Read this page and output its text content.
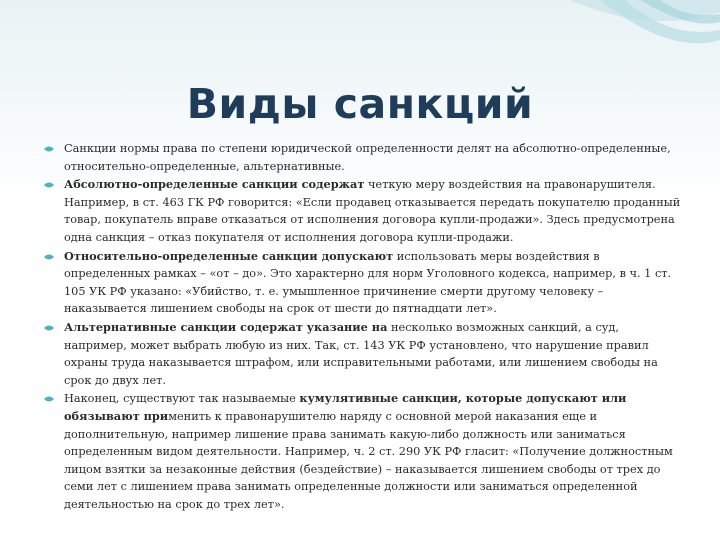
Виды санкций
Санкции нормы права по степени юридической определенности делят на абсолютно-определенные, относительно-определенные, альтернативные.
Абсолютно-определенные санкции содержат четкую меру воздействия на правонарушителя. Например, в ст. 463 ГК РФ говорится: «Если продавец отказывается передать покупателю проданный товар, покупатель вправе отказаться от исполнения договора купли-продажи». Здесь предусмотрена одна санкция – отказ покупателя от исполнения договора купли-продажи.
Относительно-определенные санкции допускают использовать меры воздействия в определенных рамках – «от – до». Это характерно для норм Уголовного кодекса, например, в ч. 1 ст. 105 УК РФ указано: «Убийство, т. е. умышленное причинение смерти другому человеку – наказывается лишением свободы на срок от шести до пятнадцати лет».
Альтернативные санкции содержат указание на несколько возможных санкций, а суд, например, может выбрать любую из них. Так, ст. 143 УК РФ установлено, что нарушение правил охраны труда наказывается штрафом, или исправительными работами, или лишением свободы на срок до двух лет.
Наконец, существуют так называемые кумулятивные санкции, которые допускают или обязывают применить к правонарушителю наряду с основной мерой наказания еще и дополнительную, например лишение права занимать какую-либо должность или заниматься определенным видом деятельности. Например, ч. 2 ст. 290 УК РФ гласит: «Получение должностным лицом взятки за незаконные действия (бездействие) – наказывается лишением свободы от трех до семи лет с лишением права занимать определенные должности или заниматься определенной деятельностью на срок до трех лет».
